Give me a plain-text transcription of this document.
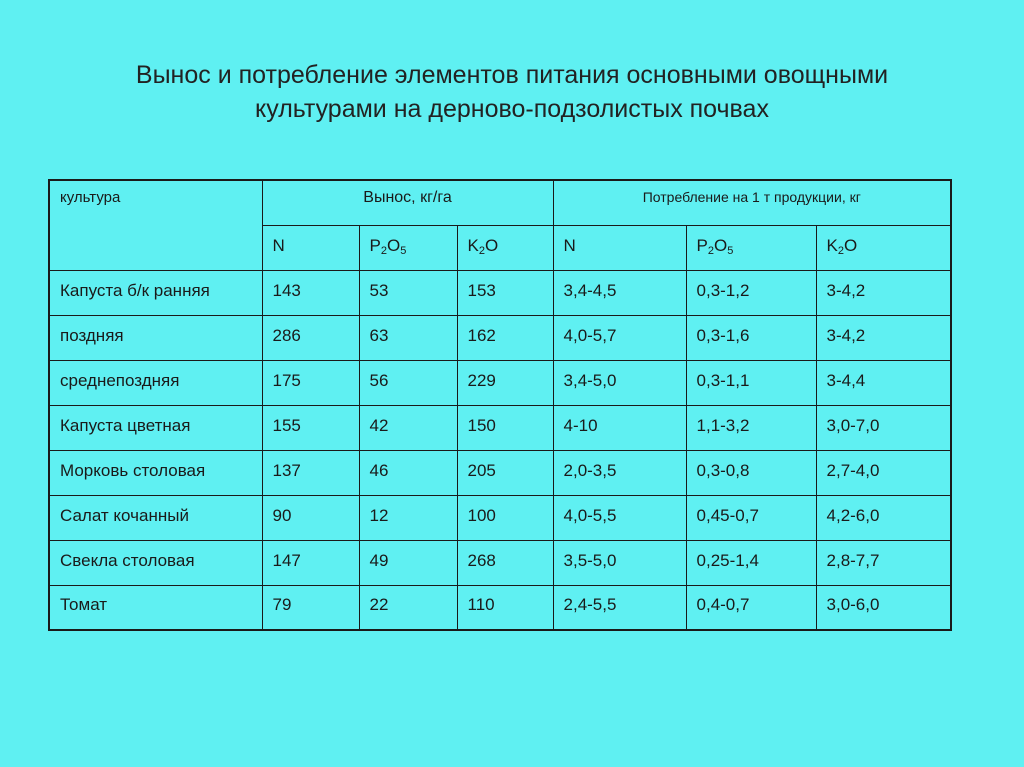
Вынос и потребление элементов питания основными овощными
культурами на дерново-подзолистых почвах
культура	Вынос, кг/га			Потребление на 1 т продукции, кг		
	N	$P_2O_5$	$K_2O$	N	$P_2O_5$	$K_2O$
Капуста б/к ранняя	143	53	153	3,4-4,5	0,3-1,2	3-4,2
поздняя	286	63	162	4,0-5,7	0,3-1,6	3-4,2
среднепоздняя	175	56	229	3,4-5,0	0,3-1,1	3-4,4
Капуста цветная	155	42	150	4-10	1,1-3,2	3,0-7,0
Морковь столовая	137	46	205	2,0-3,5	0,3-0,8	2,7-4,0
Салат кочанный	90	12	100	4,0-5,5	0,45-0,7	4,2-6,0
Свекла столовая	147	49	268	3,5-5,0	0,25-1,4	2,8-7,7
Томат	79	22	110	2,4-5,5	0,4-0,7	3,0-6,0
